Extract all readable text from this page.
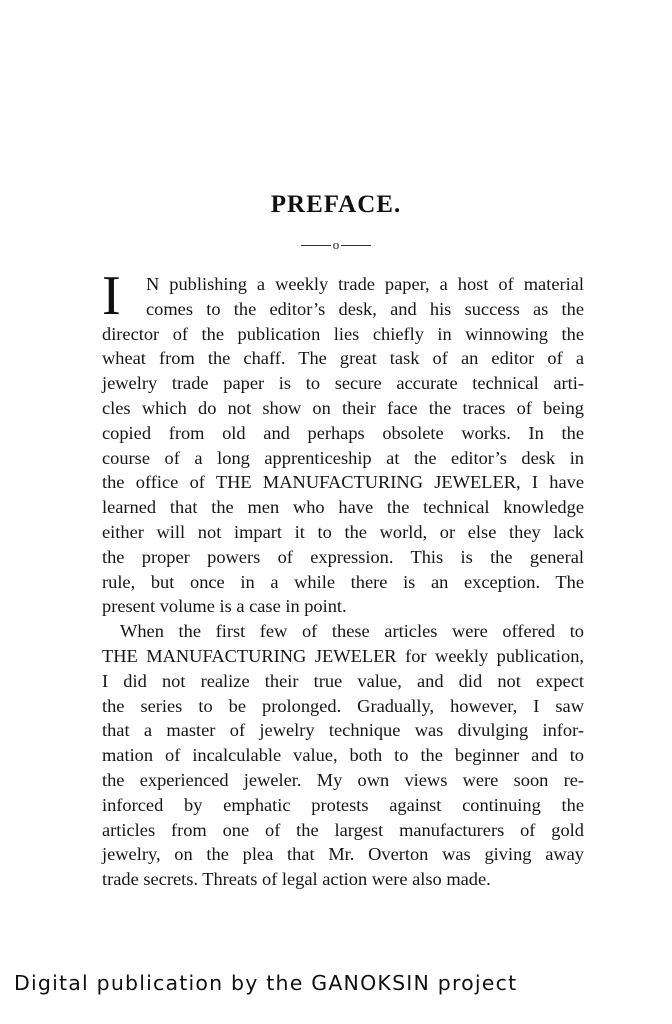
PREFACE.
o
I	N publishing a weekly trade paper, a host of material
comes to the editor’s desk, and his success as the
director of the publication lies chiefly in winnowing the
wheat from the chaff. The great task of an editor of a
jewelry trade paper is to secure accurate technical arti-
cles which do not show on their face the traces of being
copied from old and perhaps obsolete works. In the
course of a long apprenticeship at the editor’s desk in
the office of THE MANUFACTURING JEWELER, I have
learned that the men who have the technical knowledge
either will not impart it to the world, or else they lack
the proper powers of expression. This is the general
rule, but once in a while there is an exception. The
present volume is a case in point.
When the first few of these articles were offered to
THE MANUFACTURING JEWELER for weekly publication,
I did not realize their true value, and did not expect
the series to be prolonged. Gradually, however, I saw
that a master of jewelry technique was divulging infor-
mation of incalculable value, both to the beginner and to
the experienced jeweler. My own views were soon re-
inforced by emphatic protests against continuing the
articles from one of the largest manufacturers of gold
jewelry, on the plea that Mr. Overton was giving away
trade secrets. Threats of legal action were also made.
Digital publication by the GANOKSIN project
